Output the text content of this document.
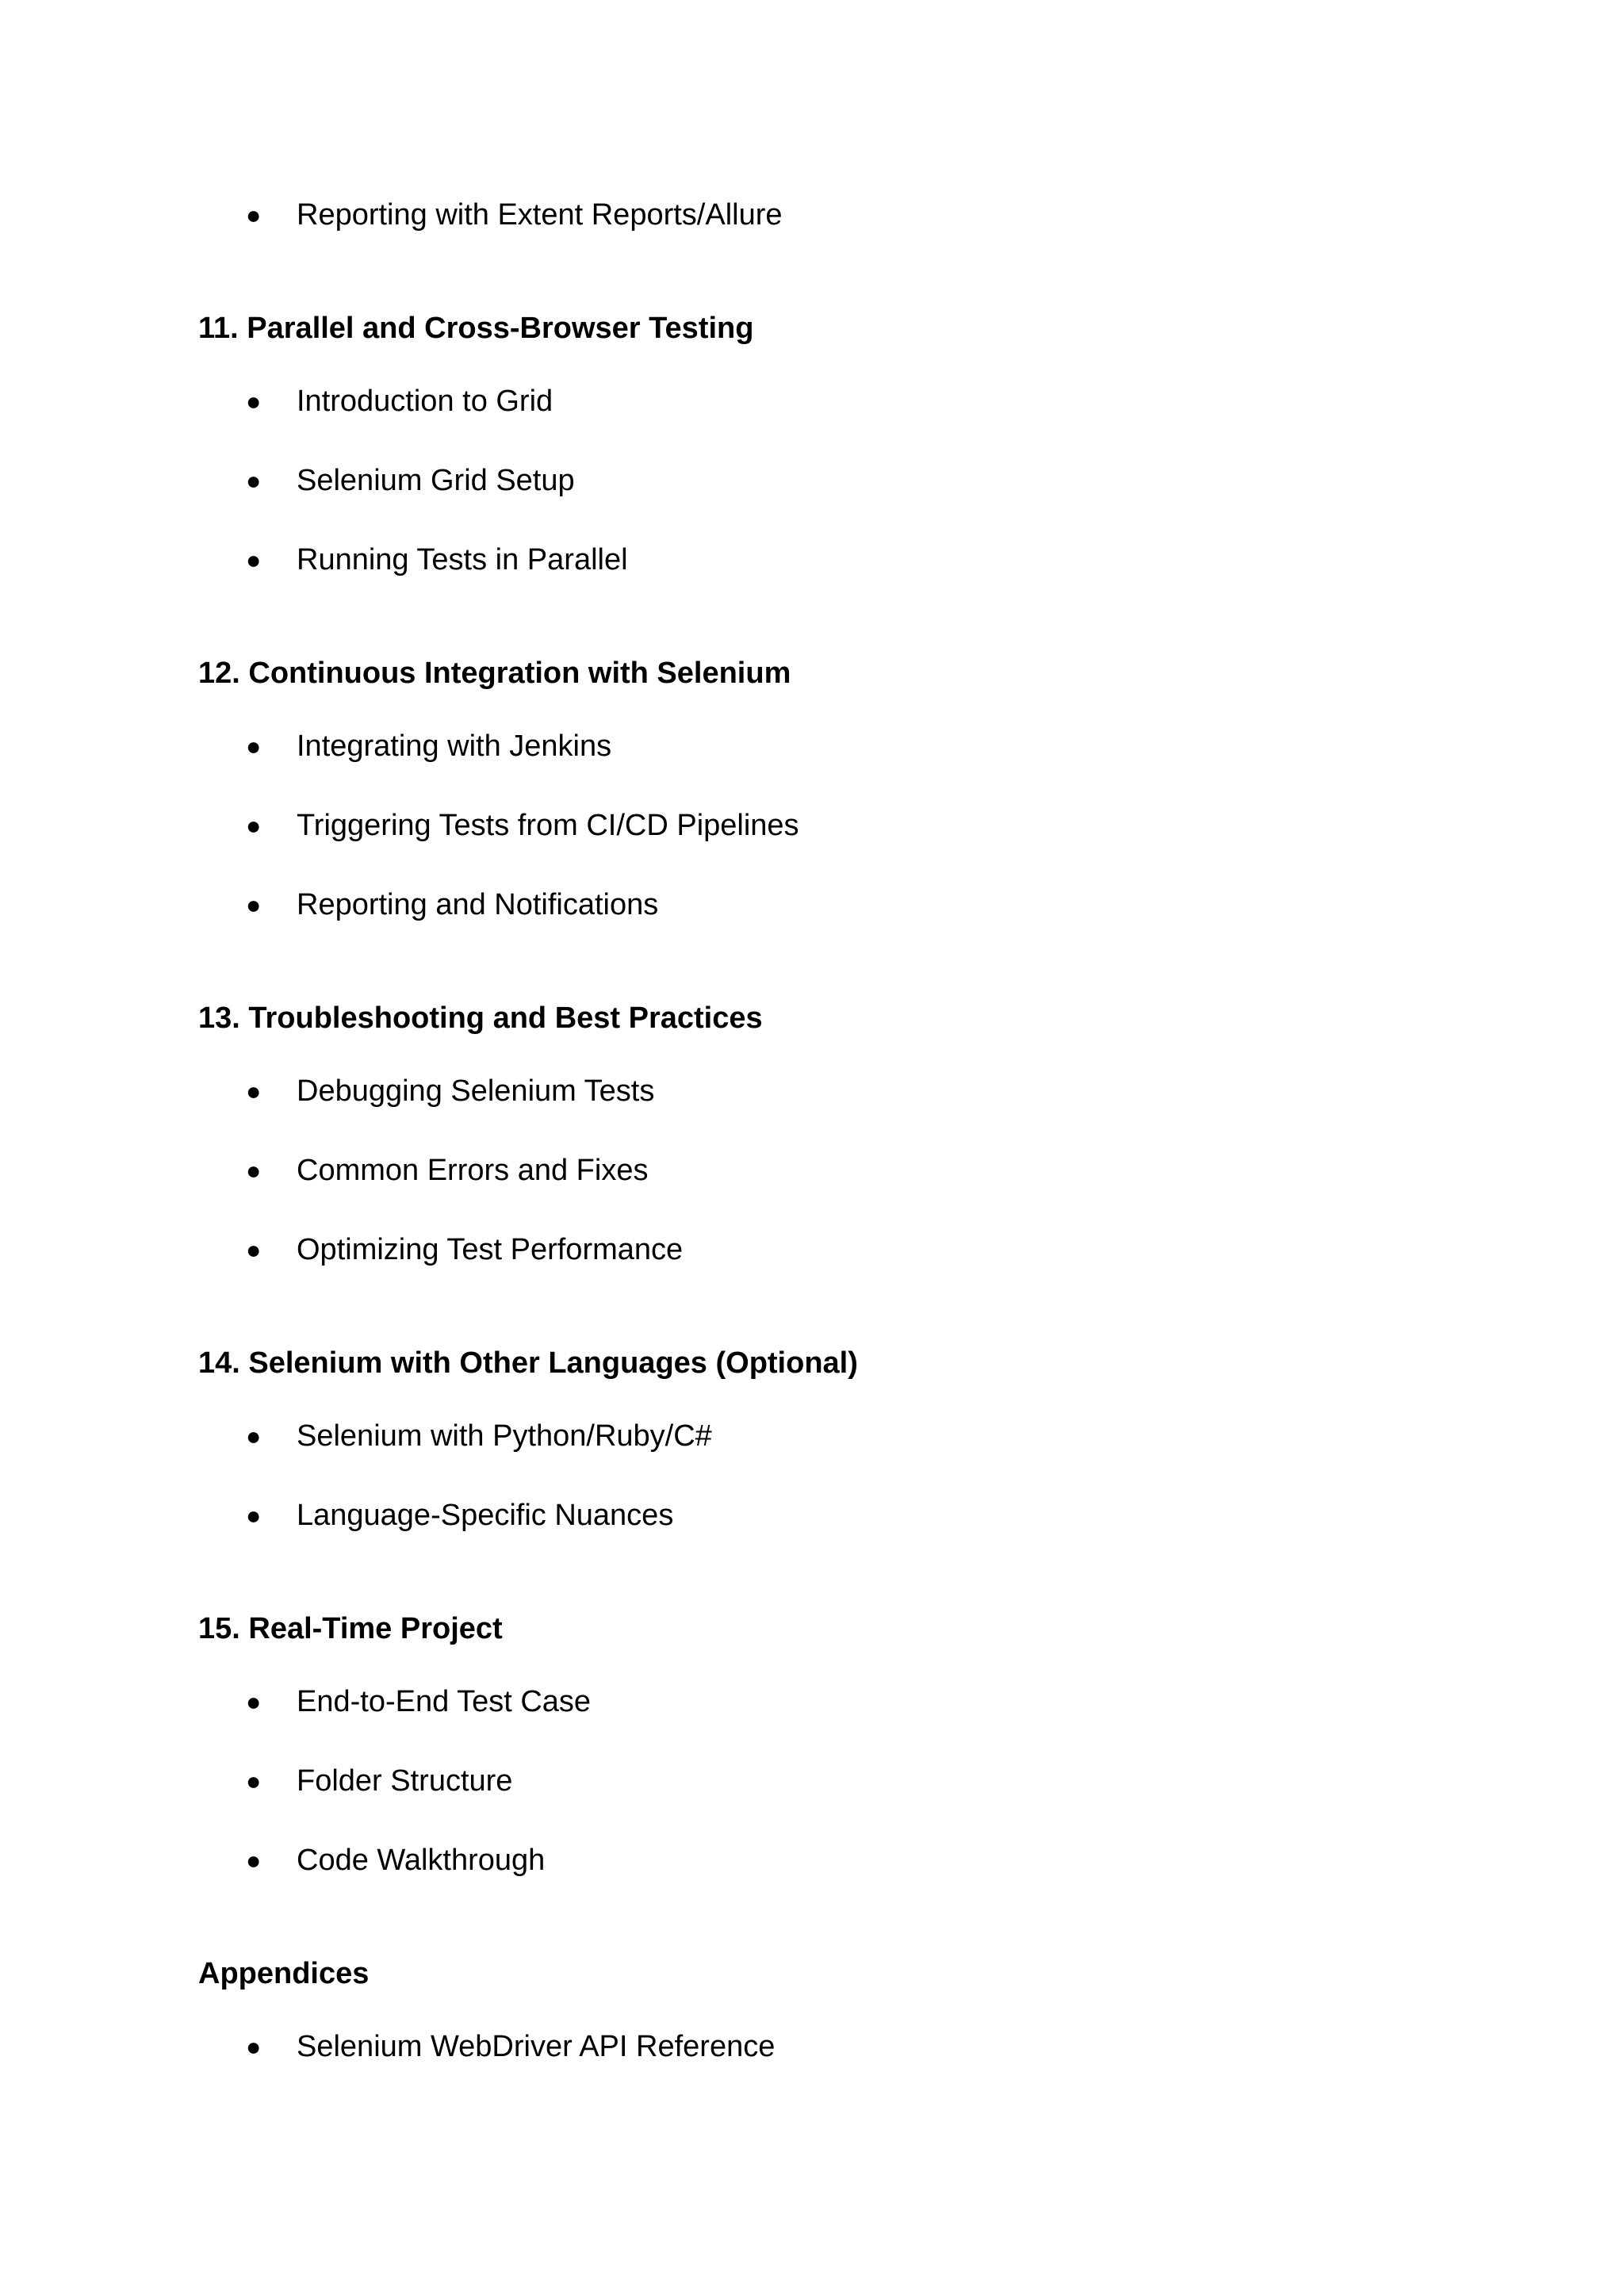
● Reporting with Extent Reports/Allure
11. Parallel and Cross-Browser Testing
● Introduction to Grid
● Selenium Grid Setup
● Running Tests in Parallel
12. Continuous Integration with Selenium
● Integrating with Jenkins
● Triggering Tests from CI/CD Pipelines
● Reporting and Notifications
13. Troubleshooting and Best Practices
● Debugging Selenium Tests
● Common Errors and Fixes
● Optimizing Test Performance
14. Selenium with Other Languages (Optional)
● Selenium with Python/Ruby/C#
● Language-Specific Nuances
15. Real-Time Project
● End-to-End Test Case
● Folder Structure
● Code Walkthrough
Appendices
● Selenium WebDriver API Reference
